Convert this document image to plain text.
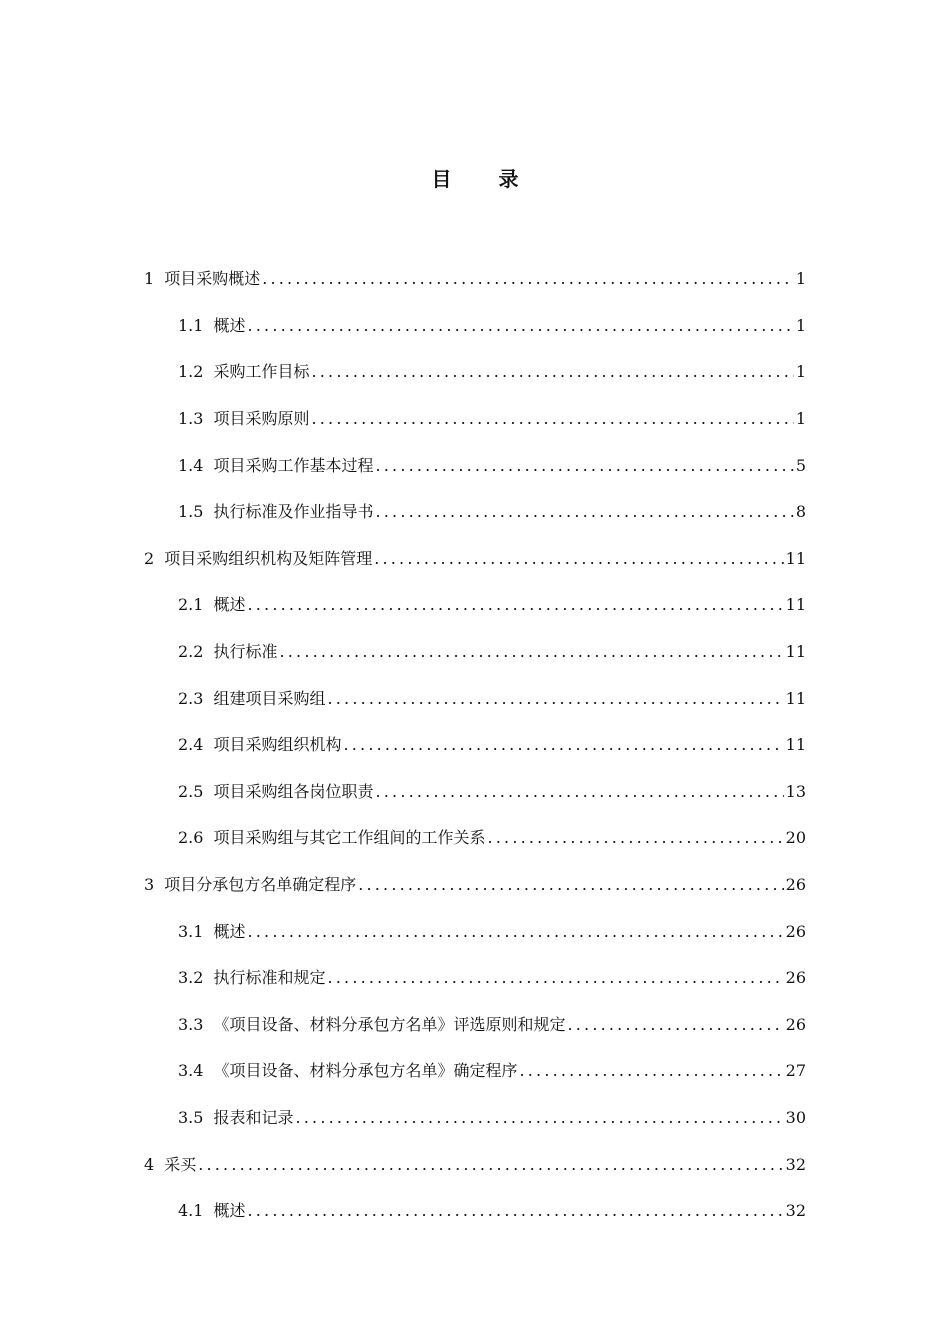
目 录
1 项目采购概述 .....	1
1.1 概述 .....	1
1.2 采购工作目标 .....	1
1.3 项目采购原则 .....	1
1.4 项目采购工作基本过程 .....	5
1.5 执行标准及作业指导书 .....	8
2 项目采购组织机构及矩阵管理 .....	11
2.1 概述 .....	11
2.2 执行标准 .....	11
2.3 组建项目采购组 .....	11
2.4 项目采购组织机构 .....	11
2.5 项目采购组各岗位职责 .....	13
2.6 项目采购组与其它工作组间的工作关系 .....	20
3 项目分承包方名单确定程序 .....	26
3.1 概述 .....	26
3.2 执行标准和规定 .....	26
3.3 《项目设备、材料分承包方名单》评选原则和规定 .....	26
3.4 《项目设备、材料分承包方名单》确定程序 .....	27
3.5 报表和记录 .....	30
4 采买 .....	32
4.1 概述 .....	32
